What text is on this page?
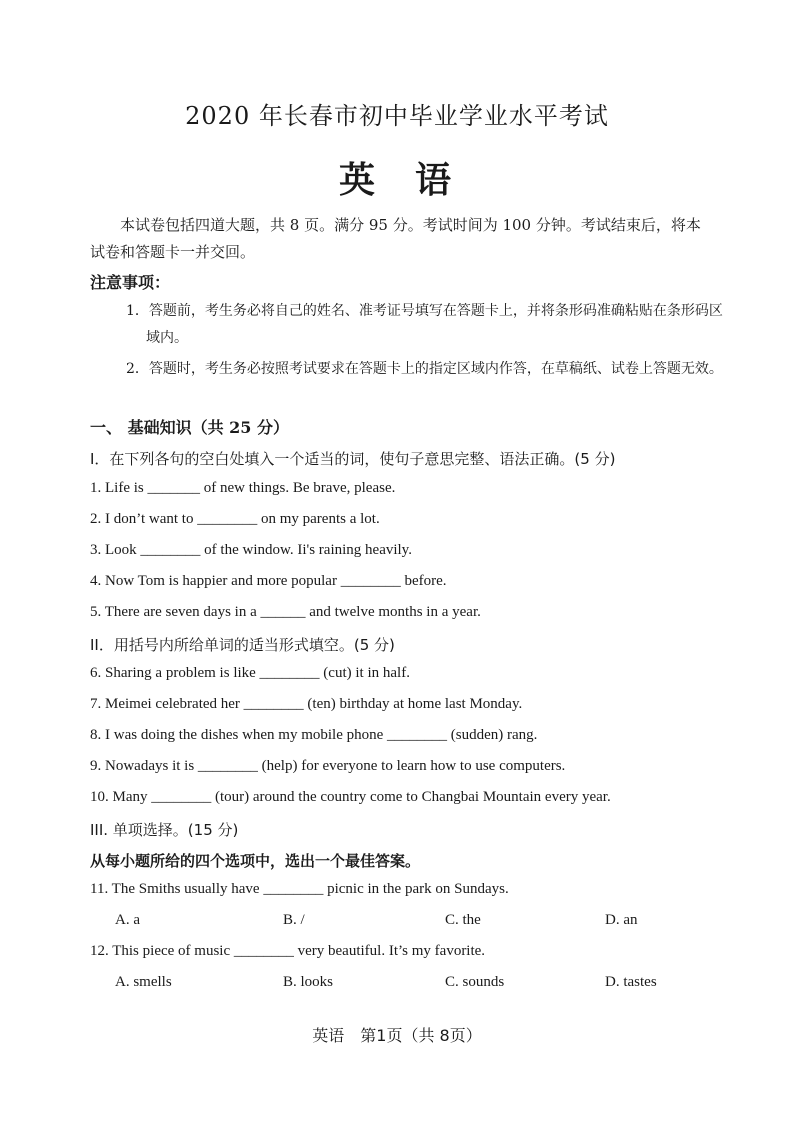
2020 年长春市初中毕业学业水平考试
英 语

本试卷包括四道大题，共 8 页。满分 95 分。考试时间为 100 分钟。考试结束后，将本试卷和答题卡一并交回。

注意事项：

1．答题前，考生务必将自己的姓名、准考证号填写在答题卡上，并将条形码准确粘贴在条形码区域内。

2．答题时，考生务必按照考试要求在答题卡上的指定区域内作答，在草稿纸、试卷上答题无效。

一、 基础知识（共 25 分）

I．在下列各句的空白处填入一个适当的词，使句子意思完整、语法正确。(5 分)

1. Life is _______ of new things. Be brave, please.

2. I don’t want to ________ on my parents a lot.

3. Look ________ of the window. Ii's raining heavily.

4. Now Tom is happier and more popular ________ before.

5. There are seven days in a ______ and twelve months in a year.

II．用括号内所给单词的适当形式填空。(5 分)

6. Sharing a problem is like ________ (cut) it in half.

7. Meimei celebrated her ________ (ten) birthday at home last Monday.

8. I was doing the dishes when my mobile phone ________ (sudden) rang.

9. Nowadays it is ________ (help) for everyone to learn how to use computers.

10. Many ________ (tour) around the country come to Changbai Mountain every year.

III. 单项选择。(15 分)

从每小题所给的四个选项中，选出一个最佳答案。

11. The Smiths usually have ________ picnic in the park on Sundays.

A. a	B. /	C. the	D. an

12. This piece of music ________ very beautiful. It’s my favorite.

A. smells	B. looks	C. sounds	D. tastes

英语　第1页（共 8页）
